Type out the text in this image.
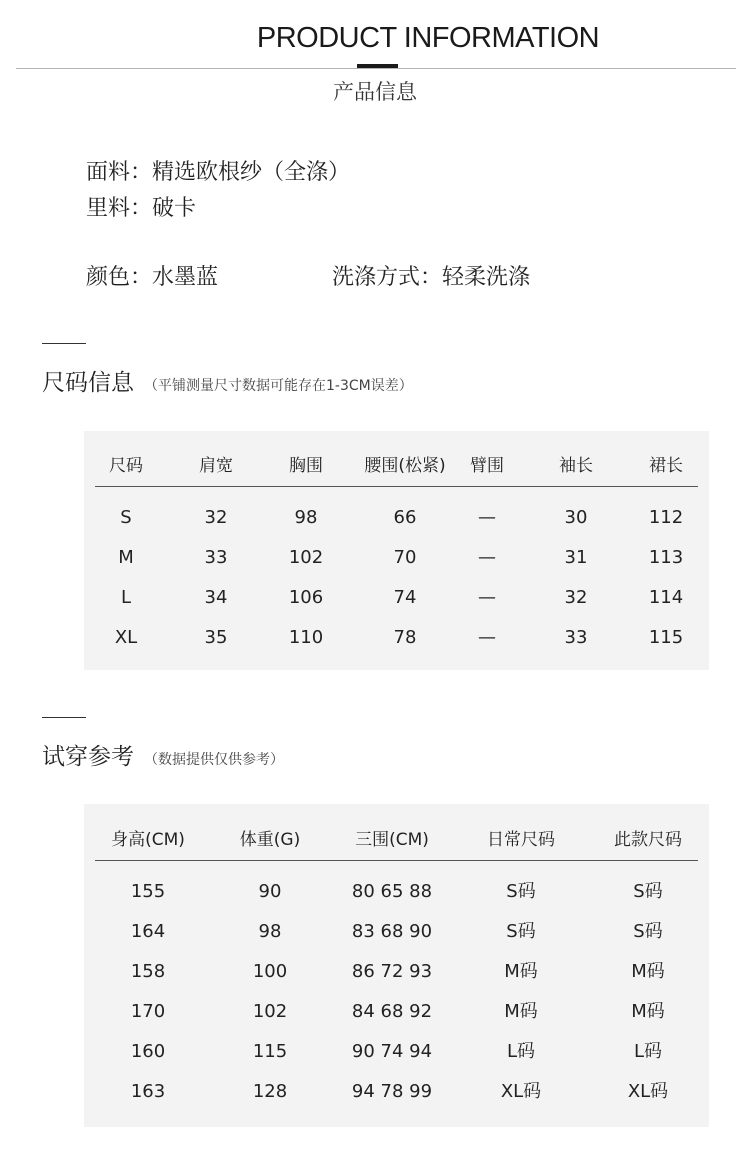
PRODUCT INFORMATION
产品信息
面料：精选欧根纱（全涤）
里料：破卡
颜色：水墨蓝	洗涤方式：轻柔洗涤
尺码信息 （平铺测量尺寸数据可能存在1-3CM误差）
尺码	肩宽	胸围	腰围(松紧)	臂围	袖长	裙长
S	32	98	66	—	30	112
M	33	102	70	—	31	113
L	34	106	74	—	32	114
XL	35	110	78	—	33	115
试穿参考 （数据提供仅供参考）
身高(CM)	体重(G)	三围(CM)	日常尺码	此款尺码
155	90	80 65 88	S码	S码
164	98	83 68 90	S码	S码
158	100	86 72 93	M码	M码
170	102	84 68 92	M码	M码
160	115	90 74 94	L码	L码
163	128	94 78 99	XL码	XL码
